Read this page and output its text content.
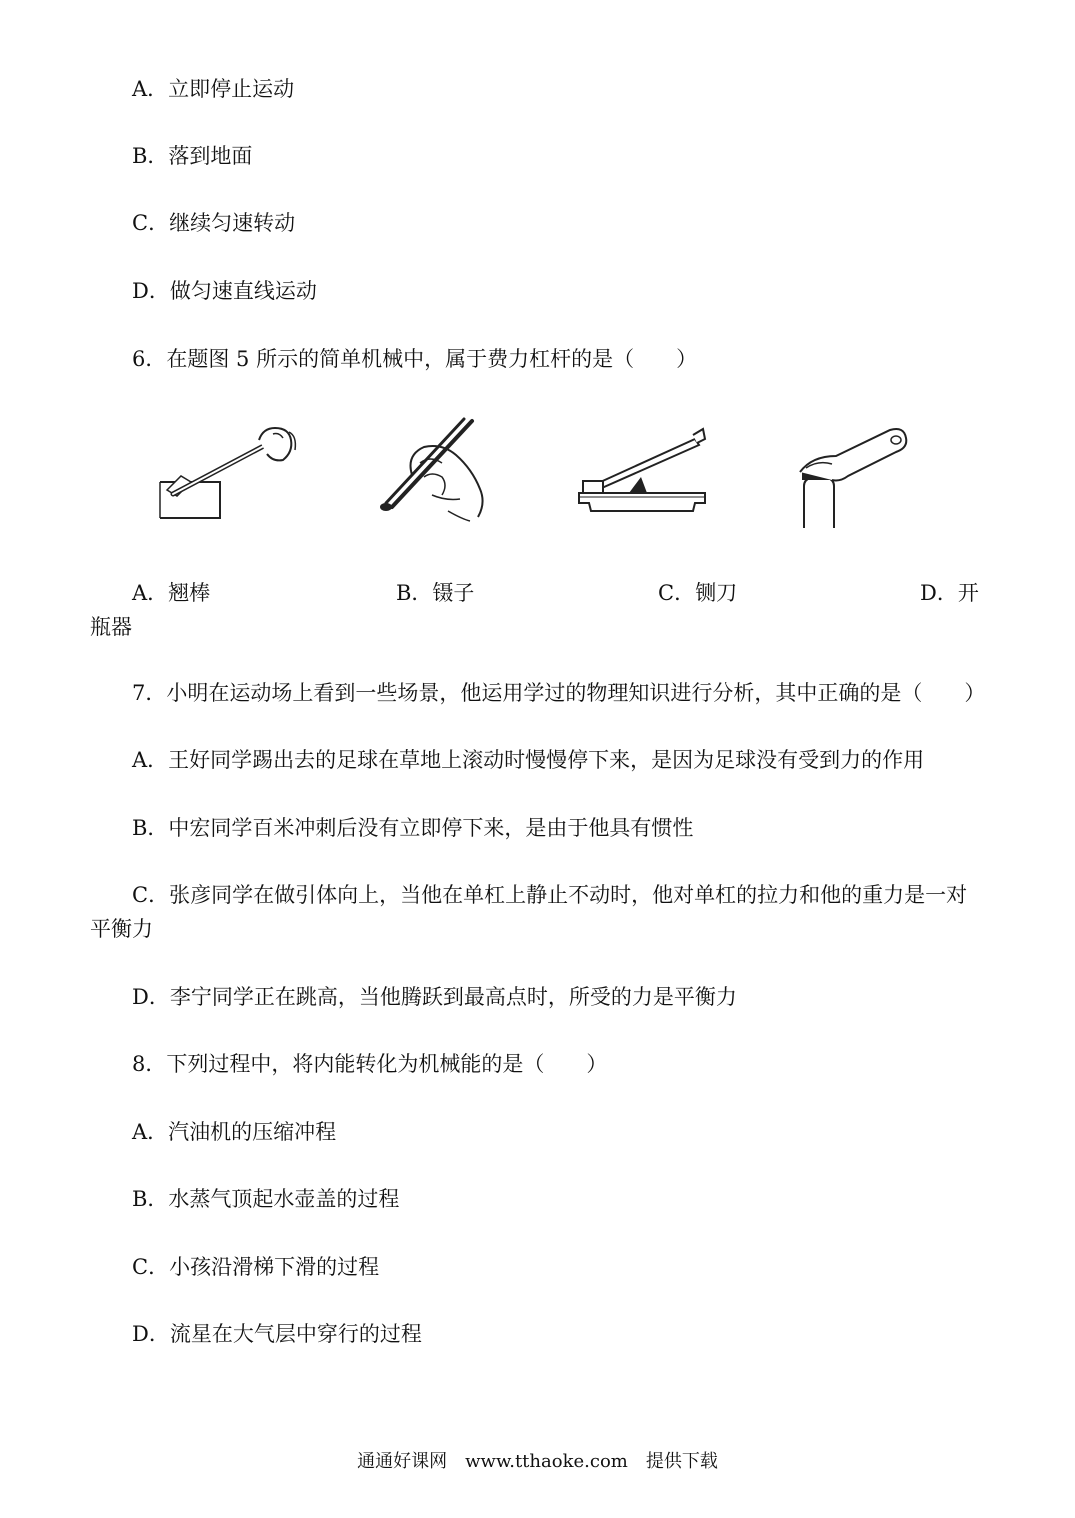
A．立即停止运动
B．落到地面
C．继续匀速转动
D．做匀速直线运动
6．在题图 5 所示的简单机械中，属于费力杠杆的是（　　）
A．翘棒	B．镊子	C．铡刀	D．开
瓶器
7．小明在运动场上看到一些场景，他运用学过的物理知识进行分析，其中正确的是（　　）
A．王好同学踢出去的足球在草地上滚动时慢慢停下来，是因为足球没有受到力的作用
B．中宏同学百米冲刺后没有立即停下来，是由于他具有惯性
C．张彦同学在做引体向上，当他在单杠上静止不动时，他对单杠的拉力和他的重力是一对平衡力
D．李宁同学正在跳高，当他腾跃到最高点时，所受的力是平衡力
8．下列过程中，将内能转化为机械能的是（　　）
A．汽油机的压缩冲程
B．水蒸气顶起水壶盖的过程
C．小孩沿滑梯下滑的过程
D．流星在大气层中穿行的过程
通通好课网　www.tthaoke.com　提供下载
